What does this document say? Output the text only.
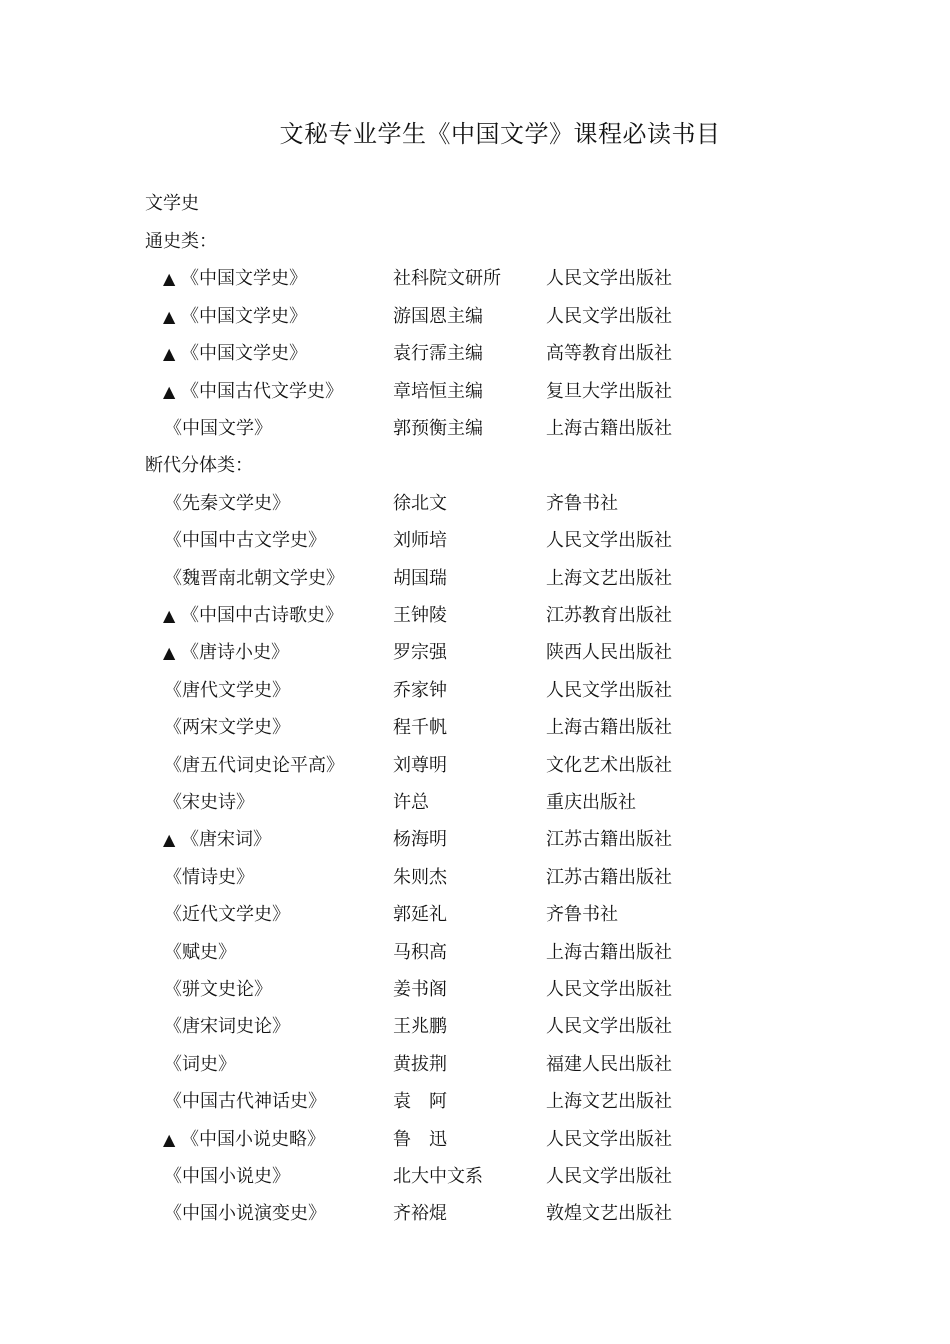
文秘专业学生《中国文学》课程必读书目
文学史
通史类：
▲ 《中国文学史》	社科院文研所	人民文学出版社
▲ 《中国文学史》	游国恩主编	人民文学出版社
▲ 《中国文学史》	袁行霈主编	高等教育出版社
▲ 《中国古代文学史》	章培恒主编	复旦大学出版社
《中国文学》	郭预衡主编	上海古籍出版社
断代分体类：
《先秦文学史》	徐北文	齐鲁书社
《中国中古文学史》	刘师培	人民文学出版社
《魏晋南北朝文学史》	胡国瑞	上海文艺出版社
▲ 《中国中古诗歌史》	王钟陵	江苏教育出版社
▲ 《唐诗小史》	罗宗强	陕西人民出版社
《唐代文学史》	乔家钟	人民文学出版社
《两宋文学史》	程千帆	上海古籍出版社
《唐五代词史论平高》	刘尊明	文化艺术出版社
《宋史诗》	许总	重庆出版社
▲ 《唐宋词》	杨海明	江苏古籍出版社
《情诗史》	朱则杰	江苏古籍出版社
《近代文学史》	郭延礼	齐鲁书社
《赋史》	马积高	上海古籍出版社
《骈文史论》	姜书阁	人民文学出版社
《唐宋词史论》	王兆鹏	人民文学出版社
《词史》	黄拔荆	福建人民出版社
《中国古代神话史》	袁　阿	上海文艺出版社
▲ 《中国小说史略》	鲁　迅	人民文学出版社
《中国小说史》	北大中文系	人民文学出版社
《中国小说演变史》	齐裕焜	敦煌文艺出版社
